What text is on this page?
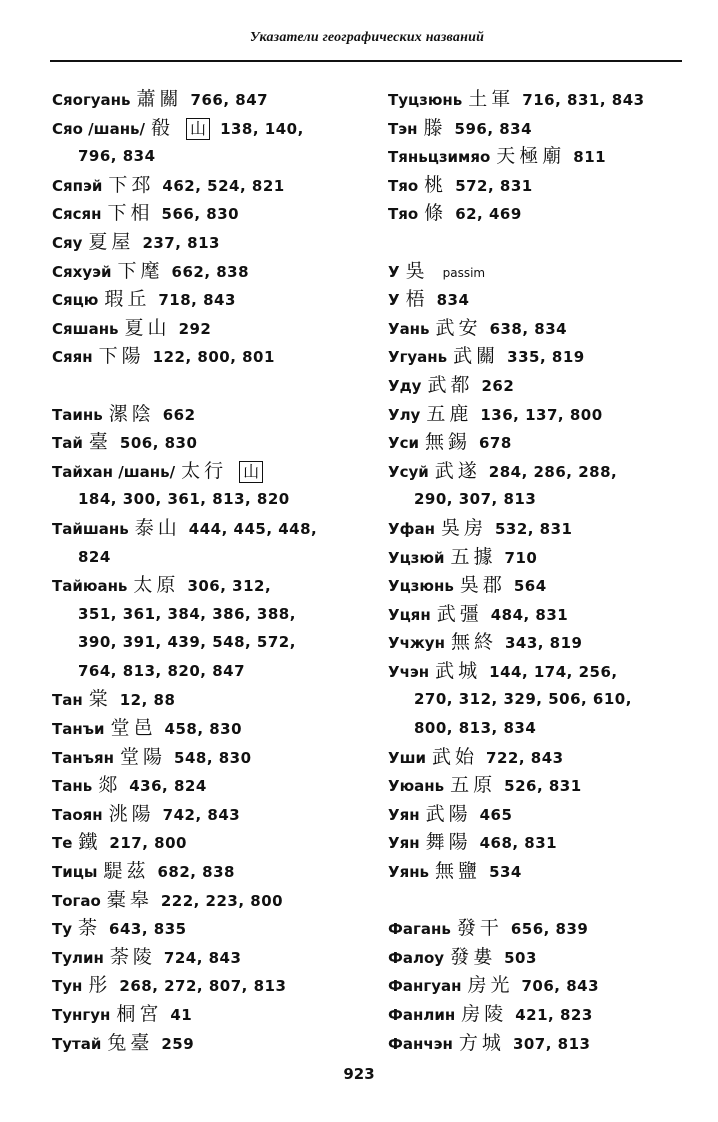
Указатели географических названий
Сяогуань 蕭關 766, 847
Сяо /шань/ 殽 山 138, 140,
796, 834
Сяпэй 下邳 462, 524, 821
Сясян 下相 566, 830
Сяу 夏屋 237, 813
Сяхуэй 下麾 662, 838
Сяцю 瑕丘 718, 843
Сяшань 夏山 292
Сяян 下陽 122, 800, 801
Таинь 漯陰 662
Тай 臺 506, 830
Тайхан /шань/ 太行 山
184, 300, 361, 813, 820
Тайшань 泰山 444, 445, 448,
824
Тайюань 太原 306, 312,
351, 361, 384, 386, 388,
390, 391, 439, 548, 572,
764, 813, 820, 847
Тан 棠 12, 88
Танъи 堂邑 458, 830
Танъян 堂陽 548, 830
Тань 郯 436, 824
Таоян 洮陽 742, 843
Те 鐵 217, 800
Тицы 騠茲 682, 838
Тогао 橐皋 222, 223, 800
Ту 荼 643, 835
Тулин 荼陵 724, 843
Тун 彤 268, 272, 807, 813
Тунгун 桐宮 41
Тутай 兔臺 259
Туцзюнь 土軍 716, 831, 843
Тэн 滕 596, 834
Тяньцзимяо 天極廟 811
Тяо 桃 572, 831
Тяо 條 62, 469
У 吳 passim
У 梧 834
Уань 武安 638, 834
Угуань 武關 335, 819
Уду 武都 262
Улу 五鹿 136, 137, 800
Уси 無錫 678
Усуй 武遂 284, 286, 288,
290, 307, 813
Уфан 吳房 532, 831
Уцзюй 五據 710
Уцзюнь 吳郡 564
Уцян 武彊 484, 831
Учжун 無終 343, 819
Учэн 武城 144, 174, 256,
270, 312, 329, 506, 610,
800, 813, 834
Уши 武始 722, 843
Уюань 五原 526, 831
Уян 武陽 465
Уян 舞陽 468, 831
Уянь 無鹽 534
Фагань 發干 656, 839
Фалоу 發婁 503
Фангуан 房光 706, 843
Фанлин 房陵 421, 823
Фанчэн 方城 307, 813
923
